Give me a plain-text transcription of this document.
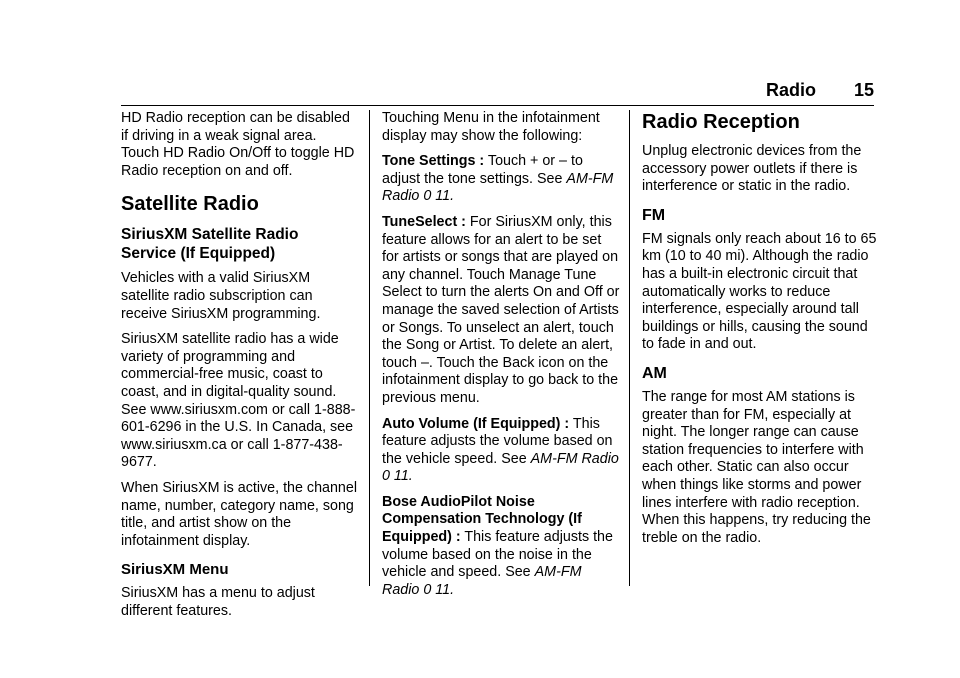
Radio 15

HD Radio reception can be disabled if driving in a weak signal area. Touch HD Radio On/Off to toggle HD Radio reception on and off.

Satellite Radio
SiriusXM Satellite Radio Service (If Equipped)

Vehicles with a valid SiriusXM satellite radio subscription can receive SiriusXM programming.

SiriusXM satellite radio has a wide variety of programming and commercial-free music, coast to coast, and in digital-quality sound. See www.siriusxm.com or call 1-888-601-6296 in the U.S. In Canada, see www.siriusxm.ca or call 1-877-438-9677.

When SiriusXM is active, the channel name, number, category name, song title, and artist show on the infotainment display.

SiriusXM Menu

SiriusXM has a menu to adjust different features.

Touching Menu in the infotainment display may show the following:

Tone Settings : Touch + or – to adjust the tone settings. See AM-FM Radio 0 11.

TuneSelect : For SiriusXM only, this feature allows for an alert to be set for artists or songs that are played on any channel. Touch Manage Tune Select to turn the alerts On and Off or manage the saved selection of Artists or Songs. To unselect an alert, touch the Song or Artist. To delete an alert, touch –. Touch the Back icon on the infotainment display to go back to the previous menu.

Auto Volume (If Equipped) : This feature adjusts the volume based on the vehicle speed. See AM-FM Radio 0 11.

Bose AudioPilot Noise Compensation Technology (If Equipped) : This feature adjusts the volume based on the noise in the vehicle and speed. See AM-FM Radio 0 11.

Radio Reception

Unplug electronic devices from the accessory power outlets if there is interference or static in the radio.

FM

FM signals only reach about 16 to 65 km (10 to 40 mi). Although the radio has a built-in electronic circuit that automatically works to reduce interference, especially around tall buildings or hills, causing the sound to fade in and out.

AM

The range for most AM stations is greater than for FM, especially at night. The longer range can cause station frequencies to interfere with each other. Static can also occur when things like storms and power lines interfere with radio reception. When this happens, try reducing the treble on the radio.
